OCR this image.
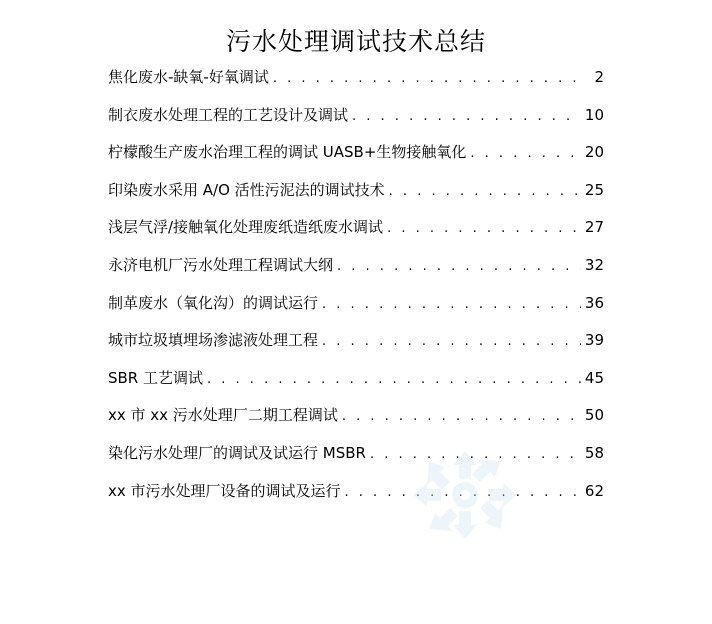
污水处理调试技术总结
焦化废水-缺氧-好氧调试 . . .	2
制衣废水处理工程的工艺设计及调试 . . .	10
柠檬酸生产废水治理工程的调试 UASB+生物接触氧化 . . .	20
印染废水采用 A/O 活性污泥法的调试技术 . . .	25
浅层气浮/接触氧化处理废纸造纸废水调试 . . .	27
永济电机厂污水处理工程调试大纲 . . .	32
制革废水（氧化沟）的调试运行 . . .	36
城市垃圾填埋场渗滤液处理工程 . . .	39
SBR 工艺调试 . . .	45
xx 市 xx 污水处理厂二期工程调试 . . .	50
染化污水处理厂的调试及试运行 MSBR . . .	58
xx 市污水处理厂设备的调试及运行 . . .	62
